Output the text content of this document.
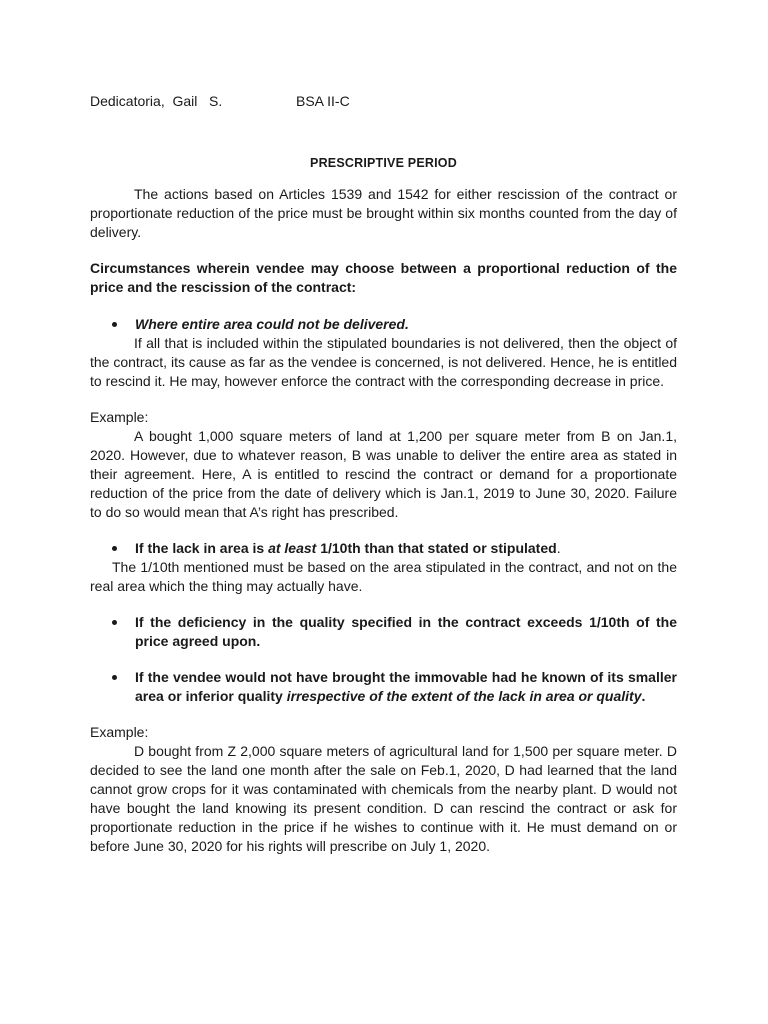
Dedicatoria,  Gail   S.	BSA II-C
PRESCRIPTIVE PERIOD

The actions based on Articles 1539 and 1542 for either rescission of the contract or proportionate reduction of the price must be brought within six months counted from the day of delivery.

Circumstances wherein vendee may choose between a proportional reduction of the price and the rescission of the contract:

Where entire area could not be delivered.

If all that is included within the stipulated boundaries is not delivered, then the object of the contract, its cause as far as the vendee is concerned, is not delivered. Hence, he is entitled to rescind it. He may, however enforce the contract with the corresponding decrease in price.

Example:

A bought 1,000 square meters of land at 1,200 per square meter from B on Jan.1, 2020. However, due to whatever reason, B was unable to deliver the entire area as stated in their agreement. Here, A is entitled to rescind the contract or demand for a proportionate reduction of the price from the date of delivery which is Jan.1, 2019 to June 30, 2020. Failure to do so would mean that A’s right has prescribed.

If the lack in area is at least 1/10th than that stated or stipulated.

The 1/10th mentioned must be based on the area stipulated in the contract, and not on the real area which the thing may actually have.

If the deficiency in the quality specified in the contract exceeds 1/10th of the price agreed upon.
If the vendee would not have brought the immovable had he known of its smaller area or inferior quality irrespective of the extent of the lack in area or quality.

Example:

D bought from Z 2,000 square meters of agricultural land for 1,500 per square meter. D decided to see the land one month after the sale on Feb.1, 2020, D had learned that the land cannot grow crops for it was contaminated with chemicals from the nearby plant. D would not have bought the land knowing its present condition. D can rescind the contract or ask for proportionate reduction in the price if he wishes to continue with it. He must demand on or before June 30, 2020 for his rights will prescribe on July 1, 2020.
